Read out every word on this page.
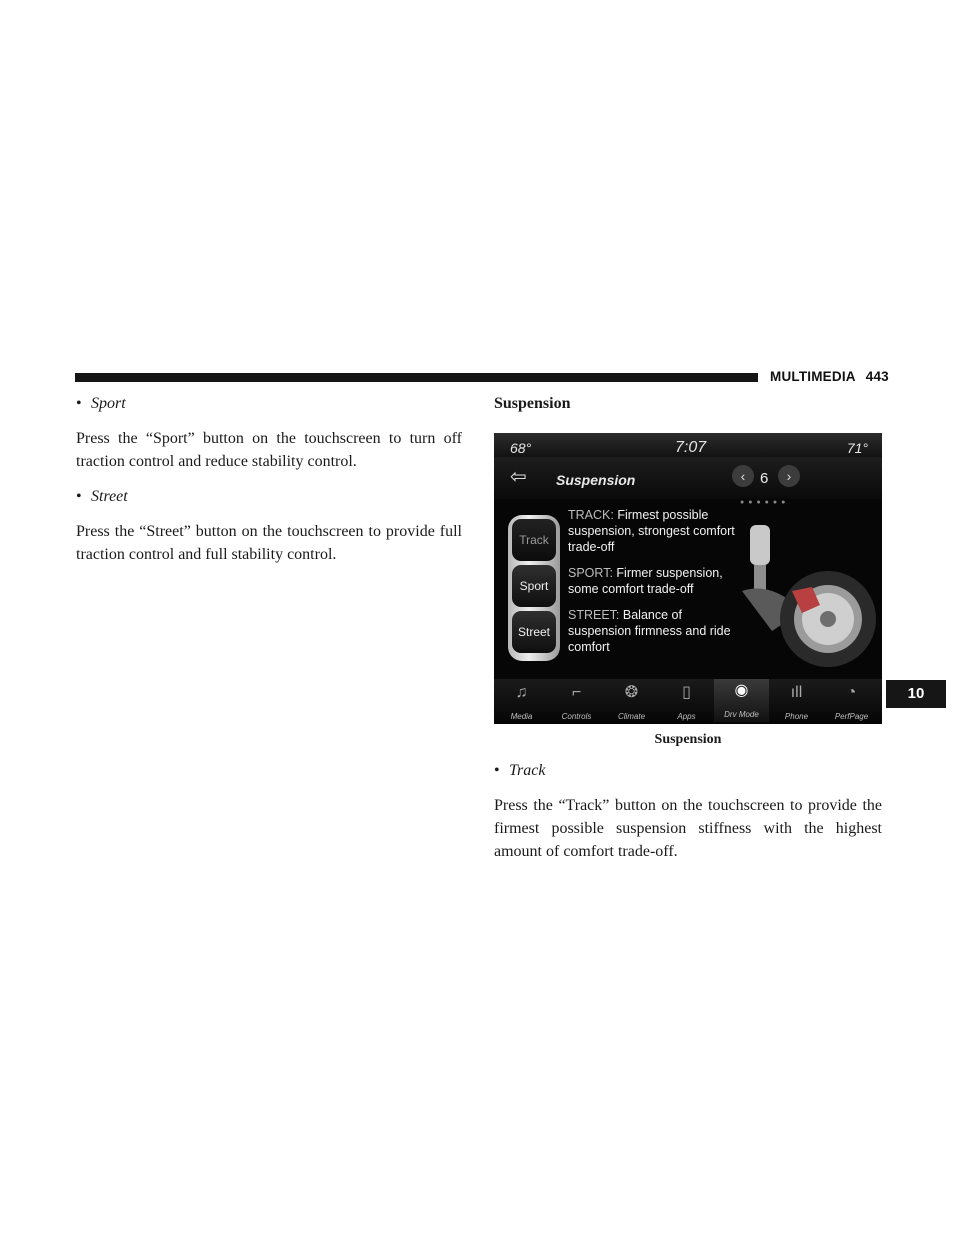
MULTIMEDIA 443
10
• Sport

Press the “Sport” button on the touchscreen to turn off traction control and reduce stability control.

• Street

Press the “Street” button on the touchscreen to provide full traction control and full stability control.

Suspension
68°	7:07	71°
⇦ Suspension	‹ 6	›
●●●●●●
Track
Sport
Street
TRACK: Firmest possible suspension, strongest comfort trade-off
SPORT: Firmer suspension, some comfort trade-off
STREET: Balance of suspension firmness and ride comfort
♫
Media
⌐
Controls
❂
Climate
▯
Apps
◉
Drv Mode
ıll
Phone
◔
PerfPage
Suspension
• Track

Press the “Track” button on the touchscreen to provide the firmest possible suspension stiffness with the highest amount of comfort trade-off.
